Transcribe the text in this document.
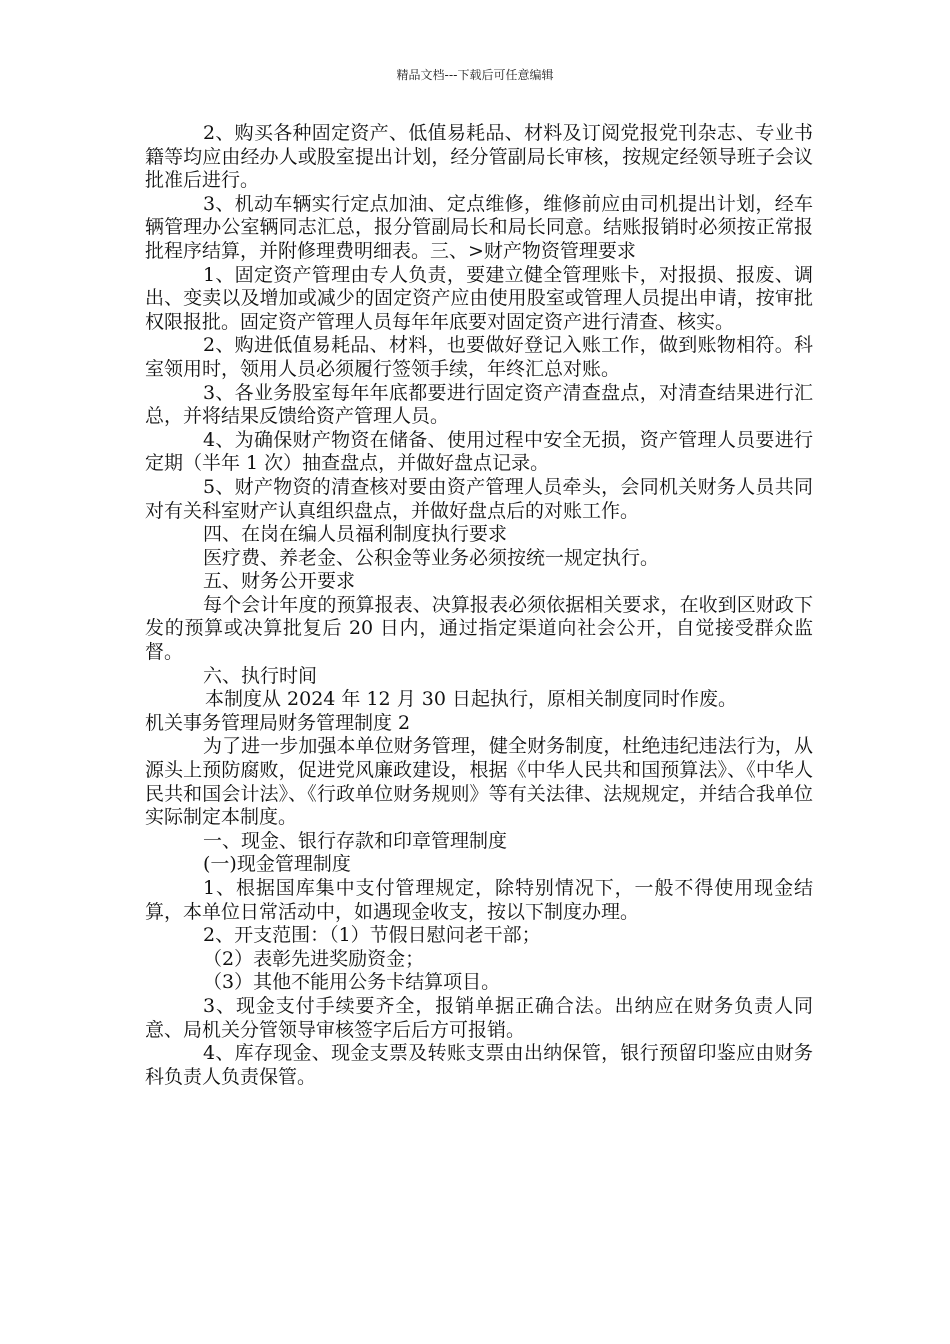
精品文档---下载后可任意编辑

2、购买各种固定资产、低值易耗品、材料及订阅党报党刊杂志、专业书籍等均应由经办人或股室提出计划，经分管副局长审核，按规定经领导班子会议批准后进行。

3、机动车辆实行定点加油、定点维修，维修前应由司机提出计划，经车辆管理办公室辆同志汇总，报分管副局长和局长同意。结账报销时必须按正常报批程序结算，并附修理费明细表。三、>财产物资管理要求

1、固定资产管理由专人负责，要建立健全管理账卡，对报损、报废、调出、变卖以及增加或减少的固定资产应由使用股室或管理人员提出申请，按审批权限报批。固定资产管理人员每年年底要对固定资产进行清查、核实。

2、购进低值易耗品、材料，也要做好登记入账工作，做到账物相符。科室领用时，领用人员必须履行签领手续，年终汇总对账。

3、各业务股室每年年底都要进行固定资产清查盘点，对清查结果进行汇总，并将结果反馈给资产管理人员。

4、为确保财产物资在储备、使用过程中安全无损，资产管理人员要进行定期（半年 1 次）抽查盘点，并做好盘点记录。

5、财产物资的清查核对要由资产管理人员牵头，会同机关财务人员共同对有关科室财产认真组织盘点，并做好盘点后的对账工作。

四、在岗在编人员福利制度执行要求

医疗费、养老金、公积金等业务必须按统一规定执行。

五、财务公开要求

每个会计年度的预算报表、决算报表必须依据相关要求，在收到区财政下发的预算或决算批复后 20 日内，通过指定渠道向社会公开，自觉接受群众监督。

六、执行时间

本制度从 2024 年 12 月 30 日起执行，原相关制度同时作废。

机关事务管理局财务管理制度 2

为了进一步加强本单位财务管理，健全财务制度，杜绝违纪违法行为，从源头上预防腐败，促进党风廉政建设，根据《中华人民共和国预算法》、《中华人民共和国会计法》、《行政单位财务规则》等有关法律、法规规定，并结合我单位实际制定本制度。

一、现金、银行存款和印章管理制度

(一)现金管理制度

1、根据国库集中支付管理规定，除特别情况下，一般不得使用现金结算，本单位日常活动中，如遇现金收支，按以下制度办理。

2、开支范围：（1）节假日慰问老干部；

（2）表彰先进奖励资金；

（3）其他不能用公务卡结算项目。

3、现金支付手续要齐全，报销单据正确合法。出纳应在财务负责人同意、局机关分管领导审核签字后后方可报销。

4、库存现金、现金支票及转账支票由出纳保管，银行预留印鉴应由财务科负责人负责保管。
